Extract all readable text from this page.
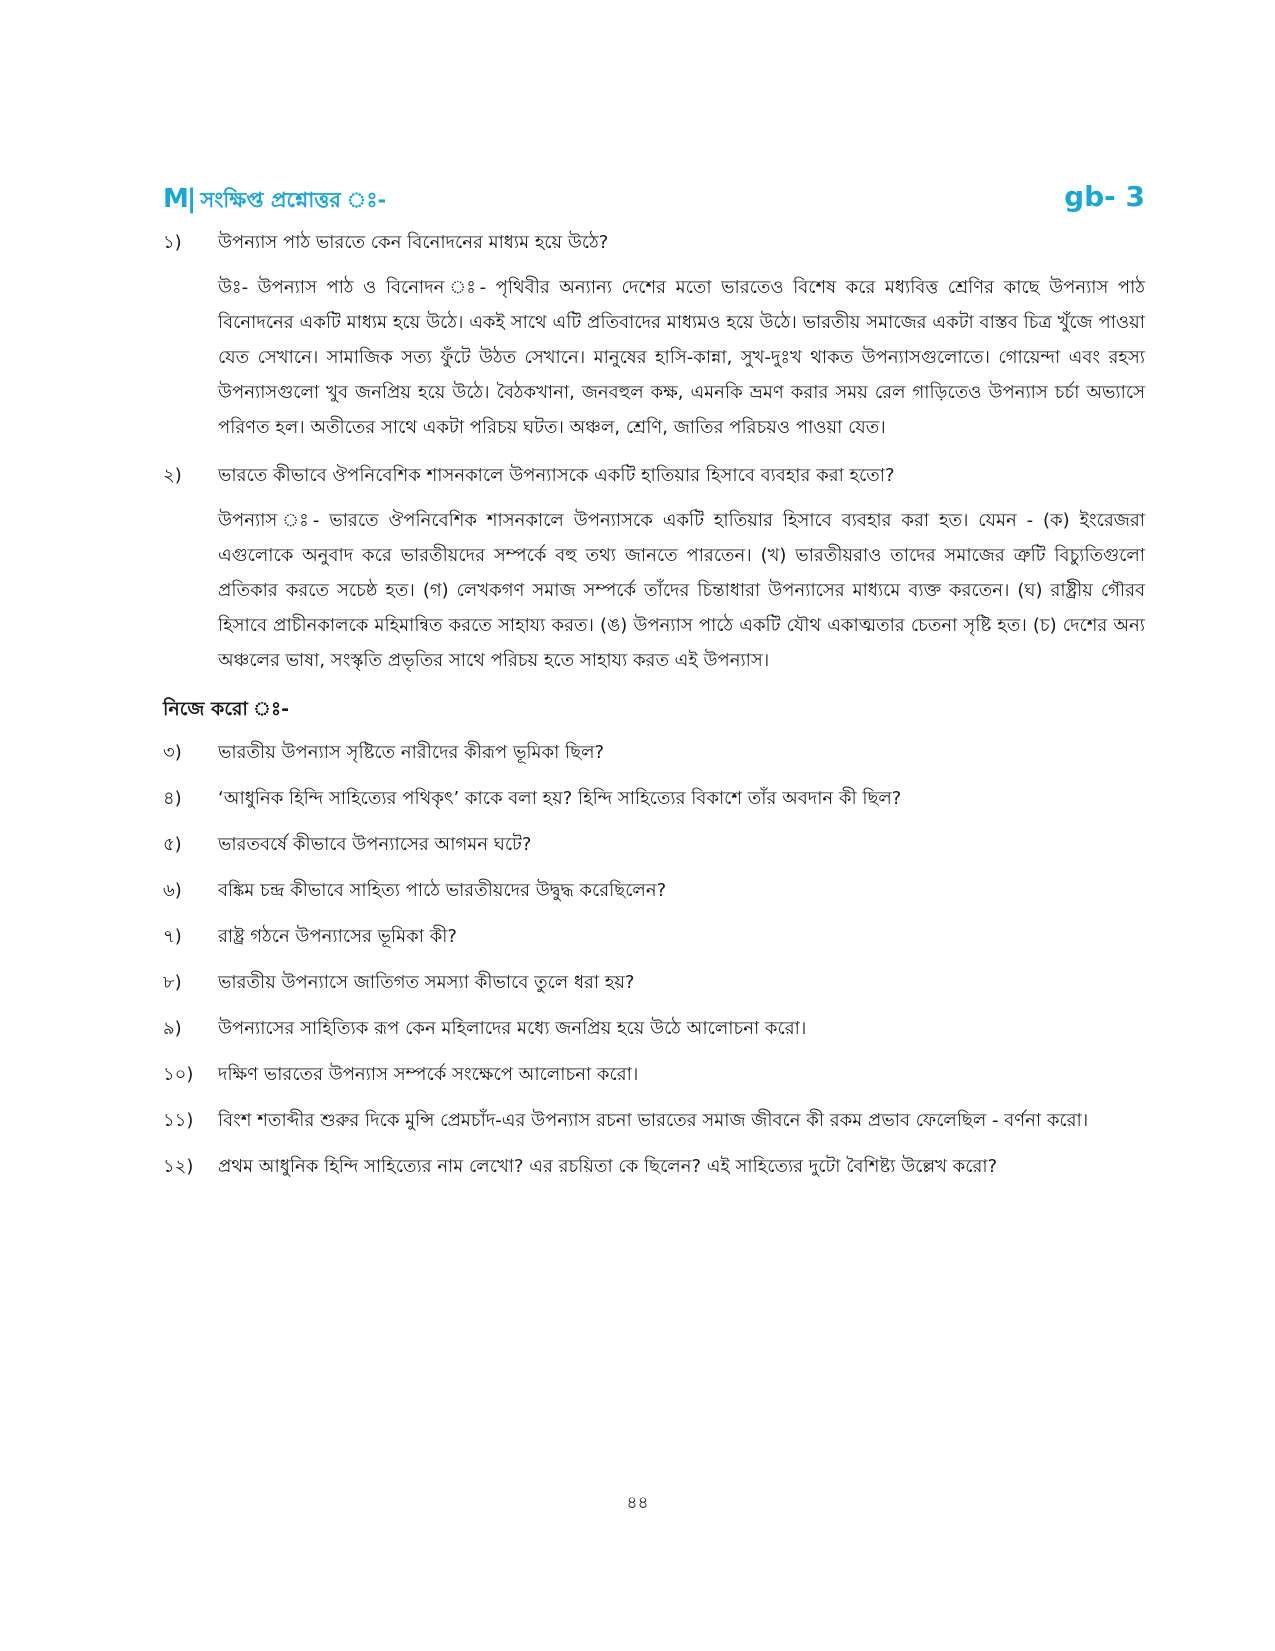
M| সংক্ষিপ্ত প্রশ্নোত্তর ঃ-	gb- 3
১)	উপন্যাস পাঠ ভারতে কেন বিনোদনের মাধ্যম হয়ে উঠে?
উঃ- উপন্যাস পাঠ ও বিনোদন ঃ- পৃথিবীর অন্যান্য দেশের মতো ভারতেও বিশেষ করে মধ্যবিত্ত শ্রেণির কাছে উপন্যাস পাঠ বিনোদনের একটি মাধ্যম হয়ে উঠে। একই সাথে এটি প্রতিবাদের মাধ্যমও হয়ে উঠে। ভারতীয় সমাজের একটা বাস্তব চিত্র খুঁজে পাওয়া যেত সেখানে। সামাজিক সত্য ফুঁটে উঠত সেখানে। মানুষের হাসি-কান্না, সুখ-দুঃখ থাকত উপন্যাসগুলোতে। গোয়েন্দা এবং রহস্য উপন্যাসগুলো খুব জনপ্রিয় হয়ে উঠে। বৈঠকখানা, জনবহুল কক্ষ, এমনকি ভ্রমণ করার সময় রেল গাড়িতেও উপন্যাস চর্চা অভ্যাসে পরিণত হল। অতীতের সাথে একটা পরিচয় ঘটত। অঞ্চল, শ্রেণি, জাতির পরিচয়ও পাওয়া যেত।
২)	ভারতে কীভাবে ঔপনিবেশিক শাসনকালে উপন্যাসকে একটি হাতিয়ার হিসাবে ব্যবহার করা হতো?
উপন্যাস ঃ- ভারতে ঔপনিবেশিক শাসনকালে উপন্যাসকে একটি হাতিয়ার হিসাবে ব্যবহার করা হত। যেমন - (ক) ইংরেজরা এগুলোকে অনুবাদ করে ভারতীয়দের সম্পর্কে বহু তথ্য জানতে পারতেন। (খ) ভারতীয়রাও তাদের সমাজের ত্রুটি বিচ্যুতিগুলো প্রতিকার করতে সচেষ্ঠ হত। (গ) লেখকগণ সমাজ সম্পর্কে তাঁদের চিন্তাধারা উপন্যাসের মাধ্যমে ব্যক্ত করতেন। (ঘ) রাষ্ট্রীয় গৌরব হিসাবে প্রাচীনকালকে মহিমান্বিত করতে সাহায্য করত। (ঙ) উপন্যাস পাঠে একটি যৌথ একাত্মতার চেতনা সৃষ্টি হত। (চ) দেশের অন্য অঞ্চলের ভাষা, সংস্কৃতি প্রভৃতির সাথে পরিচয় হতে সাহায্য করত এই উপন্যাস।
নিজে করো ঃ-
৩)	ভারতীয় উপন্যাস সৃষ্টিতে নারীদের কীরূপ ভূমিকা ছিল?
৪)	‘আধুনিক হিন্দি সাহিত্যের পথিকৃৎ’ কাকে বলা হয়? হিন্দি সাহিত্যের বিকাশে তাঁর অবদান কী ছিল?
৫)	ভারতবর্ষে কীভাবে উপন্যাসের আগমন ঘটে?
৬)	বঙ্কিম চন্দ্র কীভাবে সাহিত্য পাঠে ভারতীয়দের উদ্বুদ্ধ করেছিলেন?
৭)	রাষ্ট্র গঠনে উপন্যাসের ভূমিকা কী?
৮)	ভারতীয় উপন্যাসে জাতিগত সমস্যা কীভাবে তুলে ধরা হয়?
৯)	উপন্যাসের সাহিত্যিক রূপ কেন মহিলাদের মধ্যে জনপ্রিয় হয়ে উঠে আলোচনা করো।
১০)	দক্ষিণ ভারতের উপন্যাস সম্পর্কে সংক্ষেপে আলোচনা করো।
১১)	বিংশ শতাব্দীর শুরুর দিকে মুন্সি প্রেমচাঁদ-এর উপন্যাস রচনা ভারতের সমাজ জীবনে কী রকম প্রভাব ফেলেছিল - বর্ণনা করো।
১২)	প্রথম আধুনিক হিন্দি সাহিত্যের নাম লেখো? এর রচয়িতা কে ছিলেন? এই সাহিত্যের দুটো বৈশিষ্ট্য উল্লেখ করো?
৪৪
